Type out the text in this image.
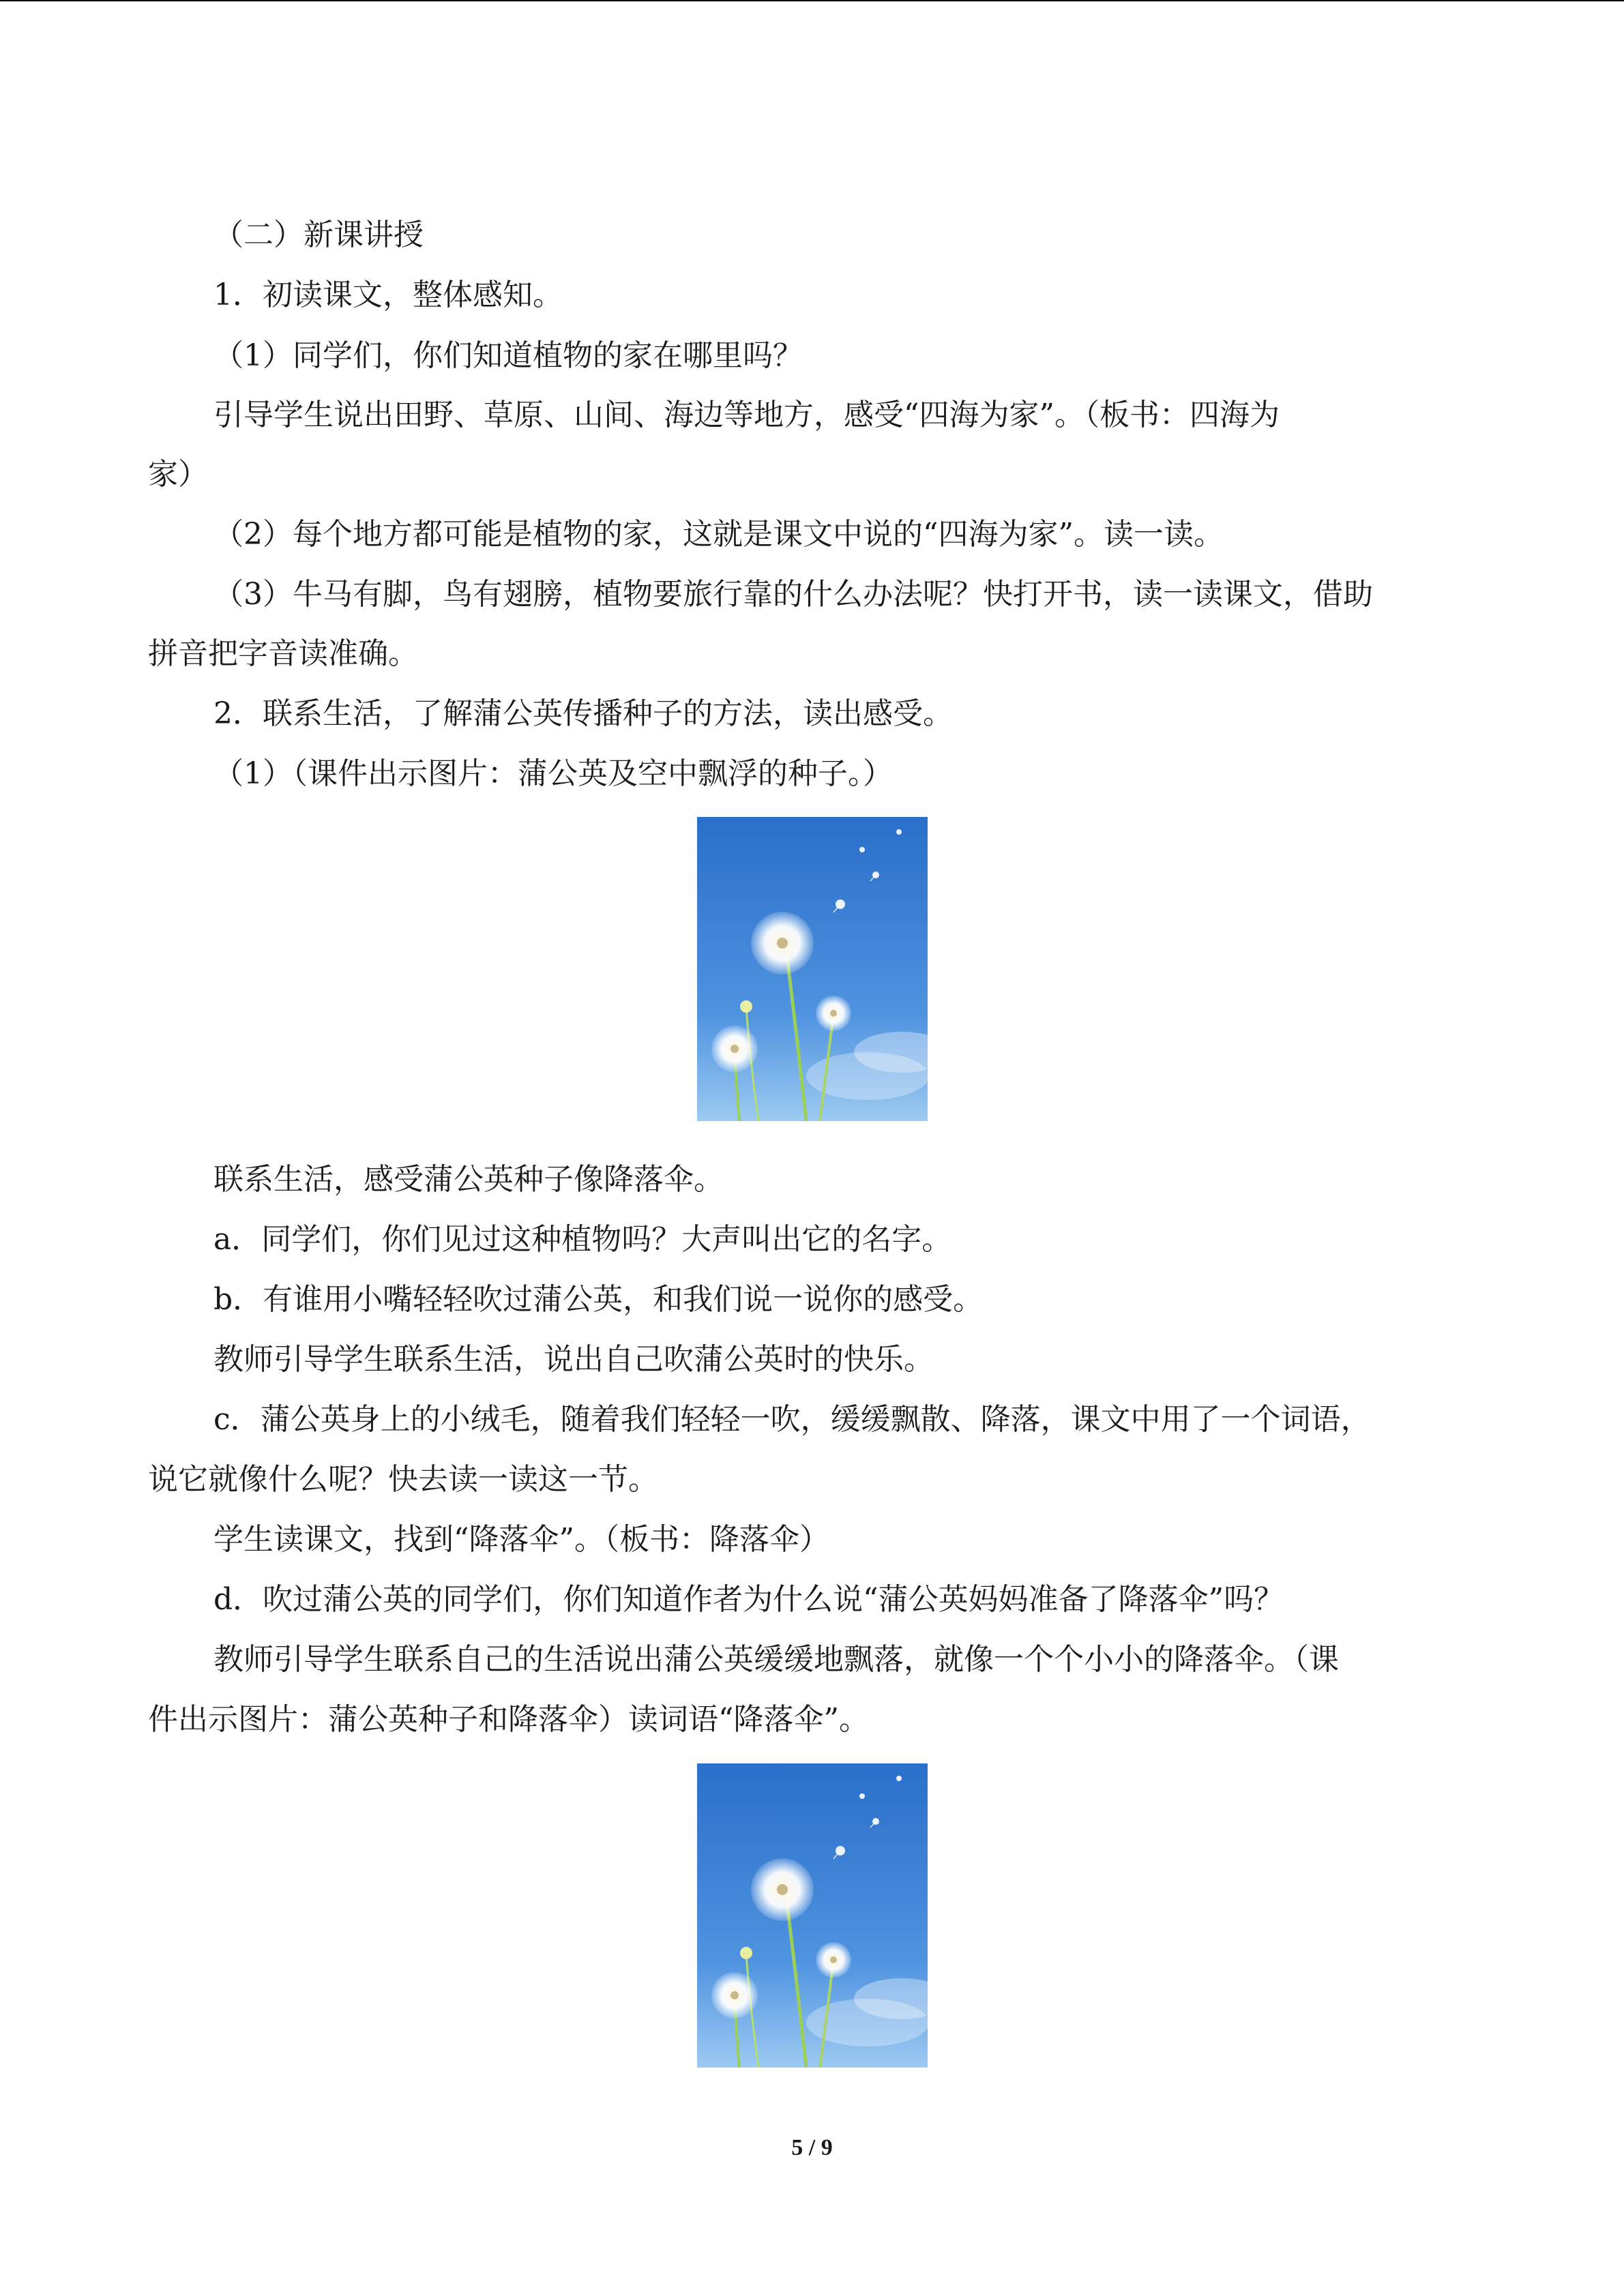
（二）新课讲授
1．初读课文，整体感知。
（1）同学们，你们知道植物的家在哪里吗？
引导学生说出田野、草原、山间、海边等地方，感受“四海为家”。（板书：四海为
家）
（2）每个地方都可能是植物的家，这就是课文中说的“四海为家”。读一读。
（3）牛马有脚，鸟有翅膀，植物要旅行靠的什么办法呢？快打开书，读一读课文，借助
拼音把字音读准确。
2．联系生活，了解蒲公英传播种子的方法，读出感受。
（1）（课件出示图片：蒲公英及空中飘浮的种子。）
联系生活，感受蒲公英种子像降落伞。
a．同学们，你们见过这种植物吗？大声叫出它的名字。
b．有谁用小嘴轻轻吹过蒲公英，和我们说一说你的感受。
教师引导学生联系生活，说出自己吹蒲公英时的快乐。
c．蒲公英身上的小绒毛，随着我们轻轻一吹，缓缓飘散、降落，课文中用了一个词语，
说它就像什么呢？快去读一读这一节。
学生读课文，找到“降落伞”。（板书：降落伞）
d．吹过蒲公英的同学们，你们知道作者为什么说“蒲公英妈妈准备了降落伞”吗？
教师引导学生联系自己的生活说出蒲公英缓缓地飘落，就像一个个小小的降落伞。（课
件出示图片：蒲公英种子和降落伞）读词语“降落伞”。
5 / 9
